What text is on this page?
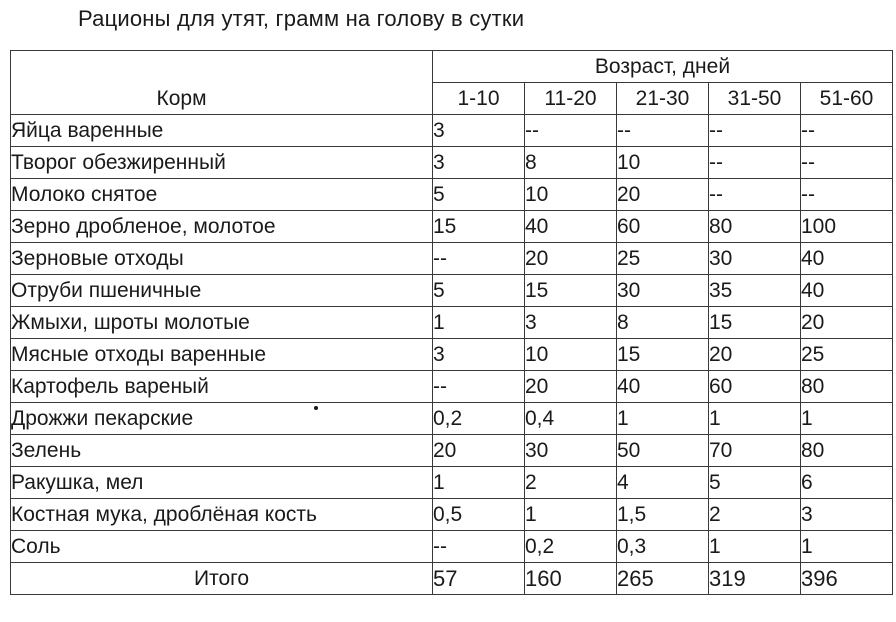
Рационы для утят, грамм на голову в сутки
Корм	Возраст, дней				
	1-10	11-20	21-30	31-50	51-60
Яйца варенные	3	--	--	--	--
Творог обезжиренный	3	8	10	--	--
Молоко снятое	5	10	20	--	--
Зерно дробленое, молотое	15	40	60	80	100
Зерновые отходы	--	20	25	30	40
Отруби пшеничные	5	15	30	35	40
Жмыхи, шроты молотые	1	3	8	15	20
Мясные отходы варенные	3	10	15	20	25
Картофель вареный	--	20	40	60	80
Дрожжи пекарские	0,2	0,4	1	1	1
Зелень	20	30	50	70	80
Ракушка, мел	1	2	4	5	6
Костная мука, дроблёная кость	0,5	1	1,5	2	3
Соль	--	0,2	0,3	1	1
Итого	57	160	265	319	396
